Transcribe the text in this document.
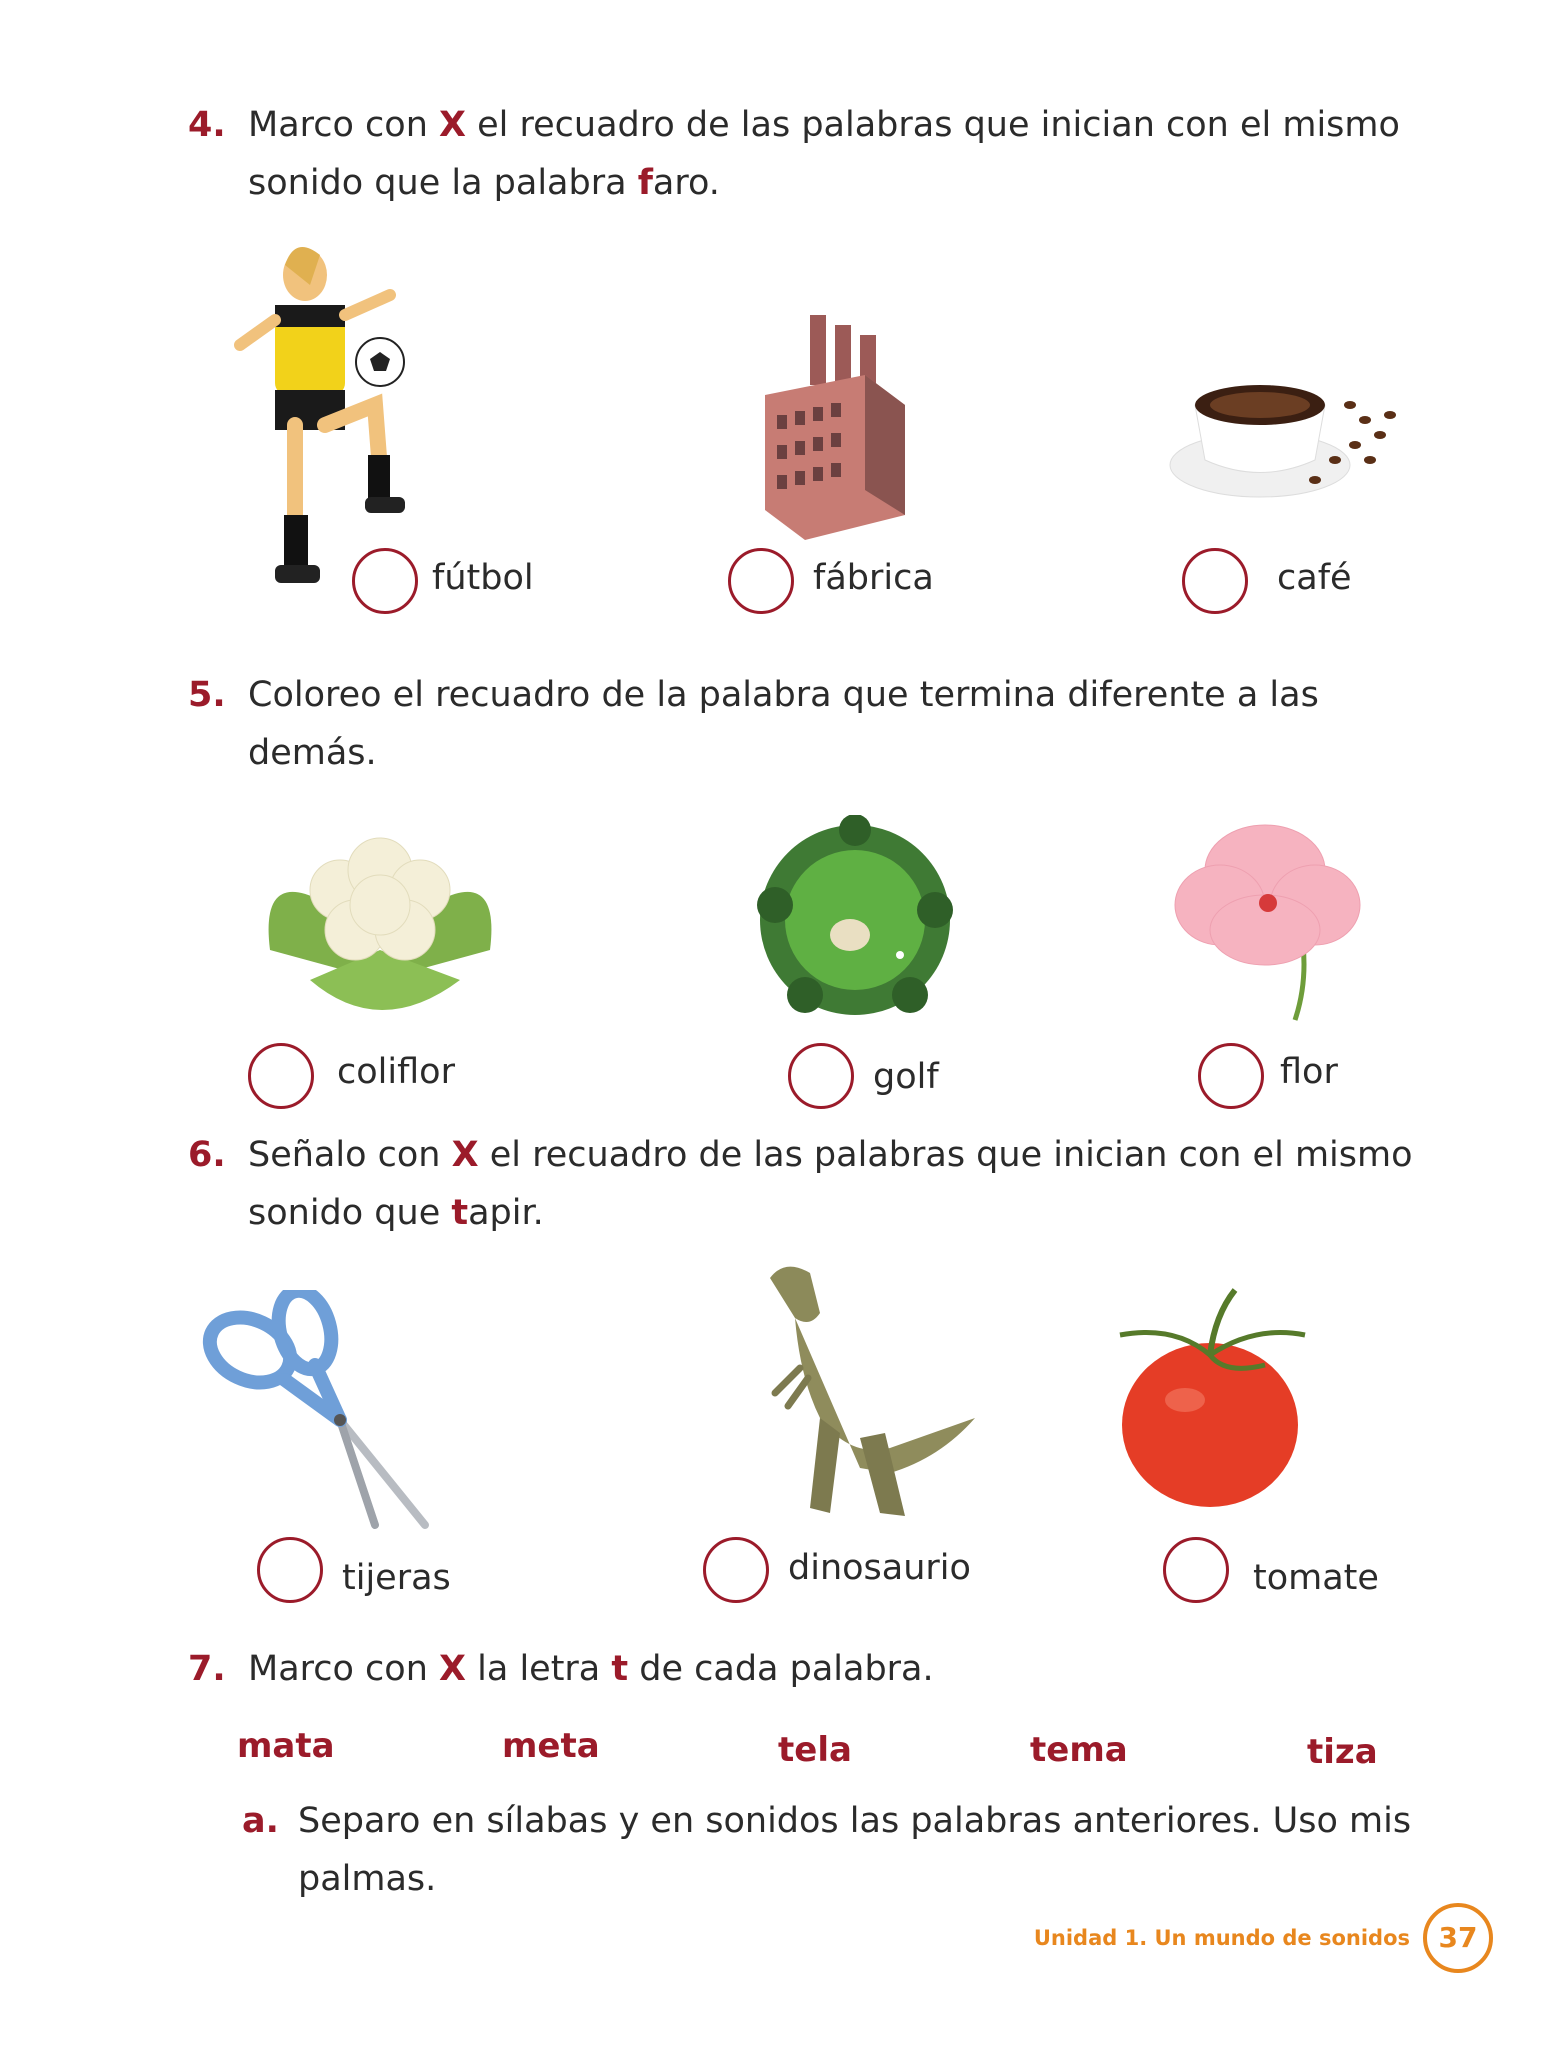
4. Marco con X el recuadro de las palabras que inician con el mismo sonido que la palabra faro.
fútbol	fábrica	café
5. Coloreo el recuadro de la palabra que termina diferente a las demás.
coliflor	golf	flor
6. Señalo con X el recuadro de las palabras que inician con el mismo sonido que tapir.
tijeras	dinosaurio	tomate
7. Marco con X la letra t de cada palabra.
mata	meta	tela	tema	tiza
a. Separo en sílabas y en sonidos las palabras anteriores. Uso mis palmas.
Unidad 1. Un mundo de sonidos	37
